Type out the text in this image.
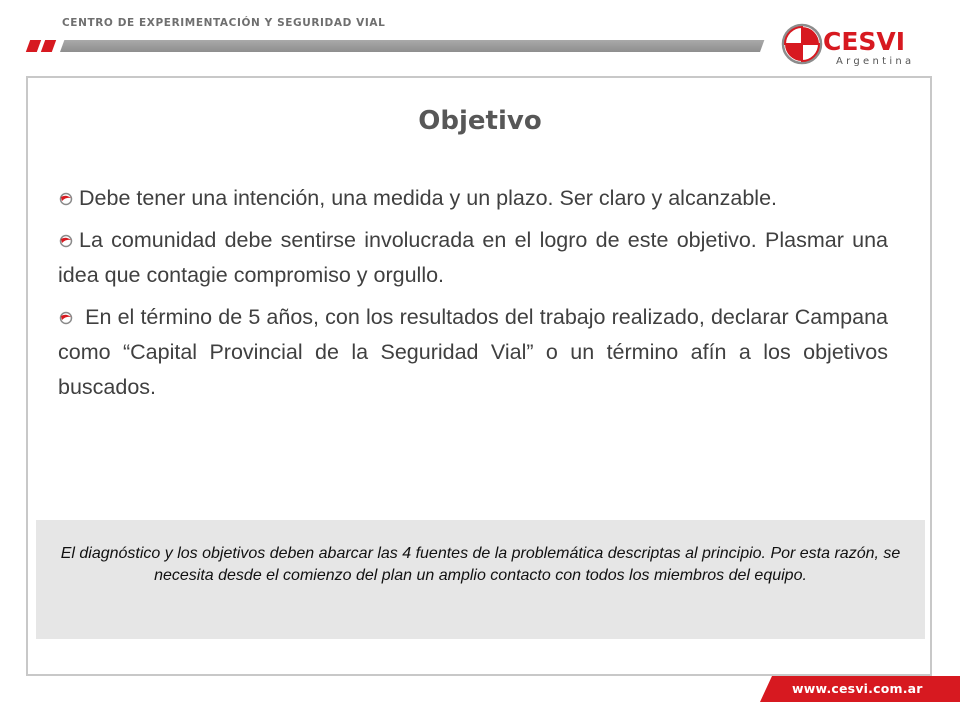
CENTRO DE EXPERIMENTACIÓN Y SEGURIDAD VIAL
CESVI
Argentina
Objetivo
Debe tener una intención, una medida y un plazo. Ser claro y alcanzable.
La comunidad debe sentirse involucrada en el logro de este objetivo. Plasmar una idea que contagie compromiso y orgullo.
En el término de 5 años, con los resultados del trabajo realizado, declarar Campana como “Capital Provincial de la Seguridad Vial” o un término afín a los objetivos buscados.
El diagnóstico y los objetivos deben abarcar las 4 fuentes de la problemática descriptas al principio. Por esta razón, se necesita desde el comienzo del plan un amplio contacto con todos los miembros del equipo.
www.cesvi.com.ar
